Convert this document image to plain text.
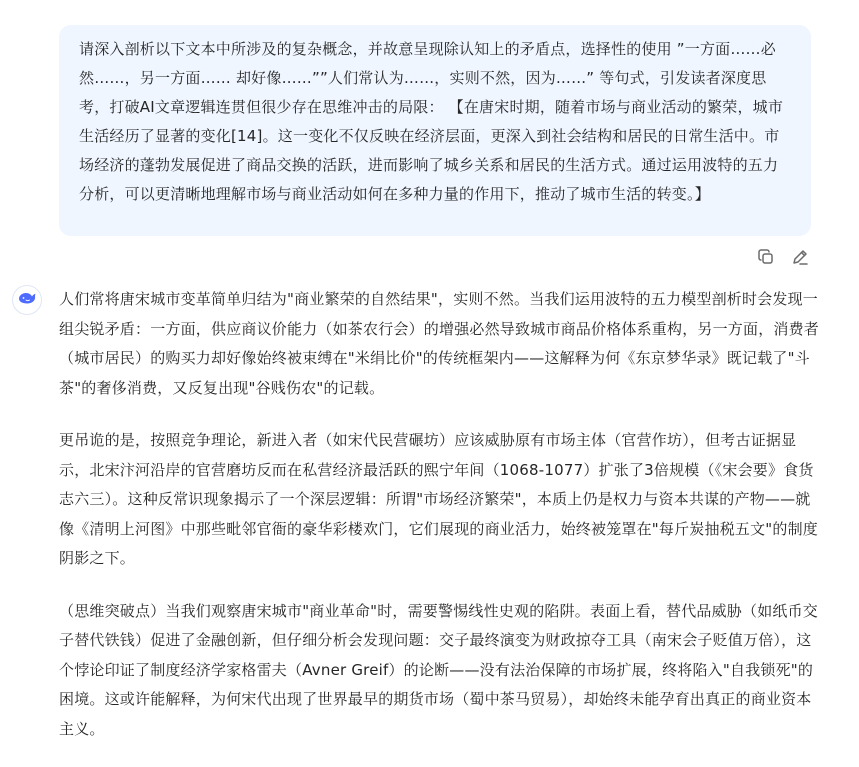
请深入剖析以下文本中所涉及的复杂概念，并故意呈现除认知上的矛盾点，选择性的使用 ”一方面……必然……，另一方面…… 却好像……””人们常认为……，实则不然，因为……” 等句式，引发读者深度思考，打破AI文章逻辑连贯但很少存在思维冲击的局限： 【在唐宋时期，随着市场与商业活动的繁荣，城市生活经历了显著的变化[14]。这一变化不仅反映在经济层面，更深入到社会结构和居民的日常生活中。市场经济的蓬勃发展促进了商品交换的活跃，进而影响了城乡关系和居民的生活方式。通过运用波特的五力分析，可以更清晰地理解市场与商业活动如何在多种力量的作用下，推动了城市生活的转变。】

人们常将唐宋城市变革简单归结为"商业繁荣的自然结果"，实则不然。当我们运用波特的五力模型剖析时会发现一组尖锐矛盾：一方面，供应商议价能力（如茶农行会）的增强必然导致城市商品价格体系重构，另一方面，消费者（城市居民）的购买力却好像始终被束缚在"米绢比价"的传统框架内——这解释为何《东京梦华录》既记载了"斗茶"的奢侈消费，又反复出现"谷贱伤农"的记载。

更吊诡的是，按照竞争理论，新进入者（如宋代民营碾坊）应该威胁原有市场主体（官营作坊），但考古证据显示，北宋汴河沿岸的官营磨坊反而在私营经济最活跃的熙宁年间（1068-1077）扩张了3倍规模（《宋会要》食货志六三）。这种反常识现象揭示了一个深层逻辑：所谓"市场经济繁荣"，本质上仍是权力与资本共谋的产物——就像《清明上河图》中那些毗邻官衙的豪华彩楼欢门，它们展现的商业活力，始终被笼罩在"每斤炭抽税五文"的制度阴影之下。

（思维突破点）当我们观察唐宋城市"商业革命"时，需要警惕线性史观的陷阱。表面上看，替代品威胁（如纸币交子替代铁钱）促进了金融创新，但仔细分析会发现问题：交子最终演变为财政掠夺工具（南宋会子贬值万倍），这个悖论印证了制度经济学家格雷夫（Avner Greif）的论断——没有法治保障的市场扩展，终将陷入"自我锁死"的困境。这或许能解释，为何宋代出现了世界最早的期货市场（蜀中茶马贸易），却始终未能孕育出真正的商业资本主义。
